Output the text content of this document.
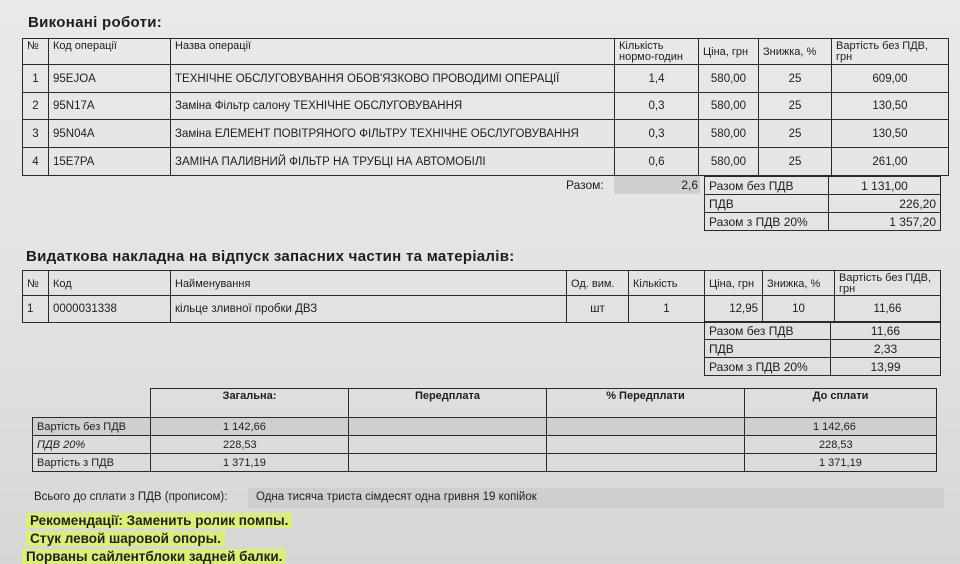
Виконані роботи:
№	Код операції	Назва операції	Кількість нормо-годин	Ціна, грн	Знижка, %	Вартість без ПДВ, грн
1	95EJOA	ТЕХНІЧНЕ ОБСЛУГОВУВАННЯ ОБОВ'ЯЗКОВО ПРОВОДИМІ ОПЕРАЦІЇ	1,4	580,00	25	609,00
2	95N17A	Заміна Фільтр салону ТЕХНІЧНЕ ОБСЛУГОВУВАННЯ	0,3	580,00	25	130,50
3	95N04A	Заміна ЕЛЕМЕНТ ПОВІТРЯНОГО ФІЛЬТРУ ТЕХНІЧНЕ ОБСЛУГОВУВАННЯ	0,3	580,00	25	130,50
4	15E7PA	ЗАМІНА ПАЛИВНИЙ ФІЛЬТР НА ТРУБЦІ НА АВТОМОБІЛІ	0,6	580,00	25	261,00
Разом:	2,6 Разом без ПДВ	1 131,00
ПДВ	226,20
Разом з ПДВ 20%	1 357,20
Видаткова накладна на відпуск запасних частин та матеріалів:
№	Код	Найменування	Од. вим.	Кількість	Ціна, грн	Знижка, %	Вартість без ПДВ, грн
1	0000031338	кільце зливної пробки ДВЗ	шт	1	12,95	10	11,66
Разом без ПДВ	11,66
ПДВ	2,33
Разом з ПДВ 20%	13,99
	Загальна:	Передплата	% Передплати	До сплати
Вартість без ПДВ	1 142,66			1 142,66
ПДВ 20%	228,53			228,53
Вартість з ПДВ	1 371,19			1 371,19
Всього до сплати з ПДВ (прописом): Одна тисяча триста сімдесят одна гривня 19 копійок
Рекомендації: Заменить ролик помпы.
Стук левой шаровой опоры.
Порваны сайлентблоки задней балки.
